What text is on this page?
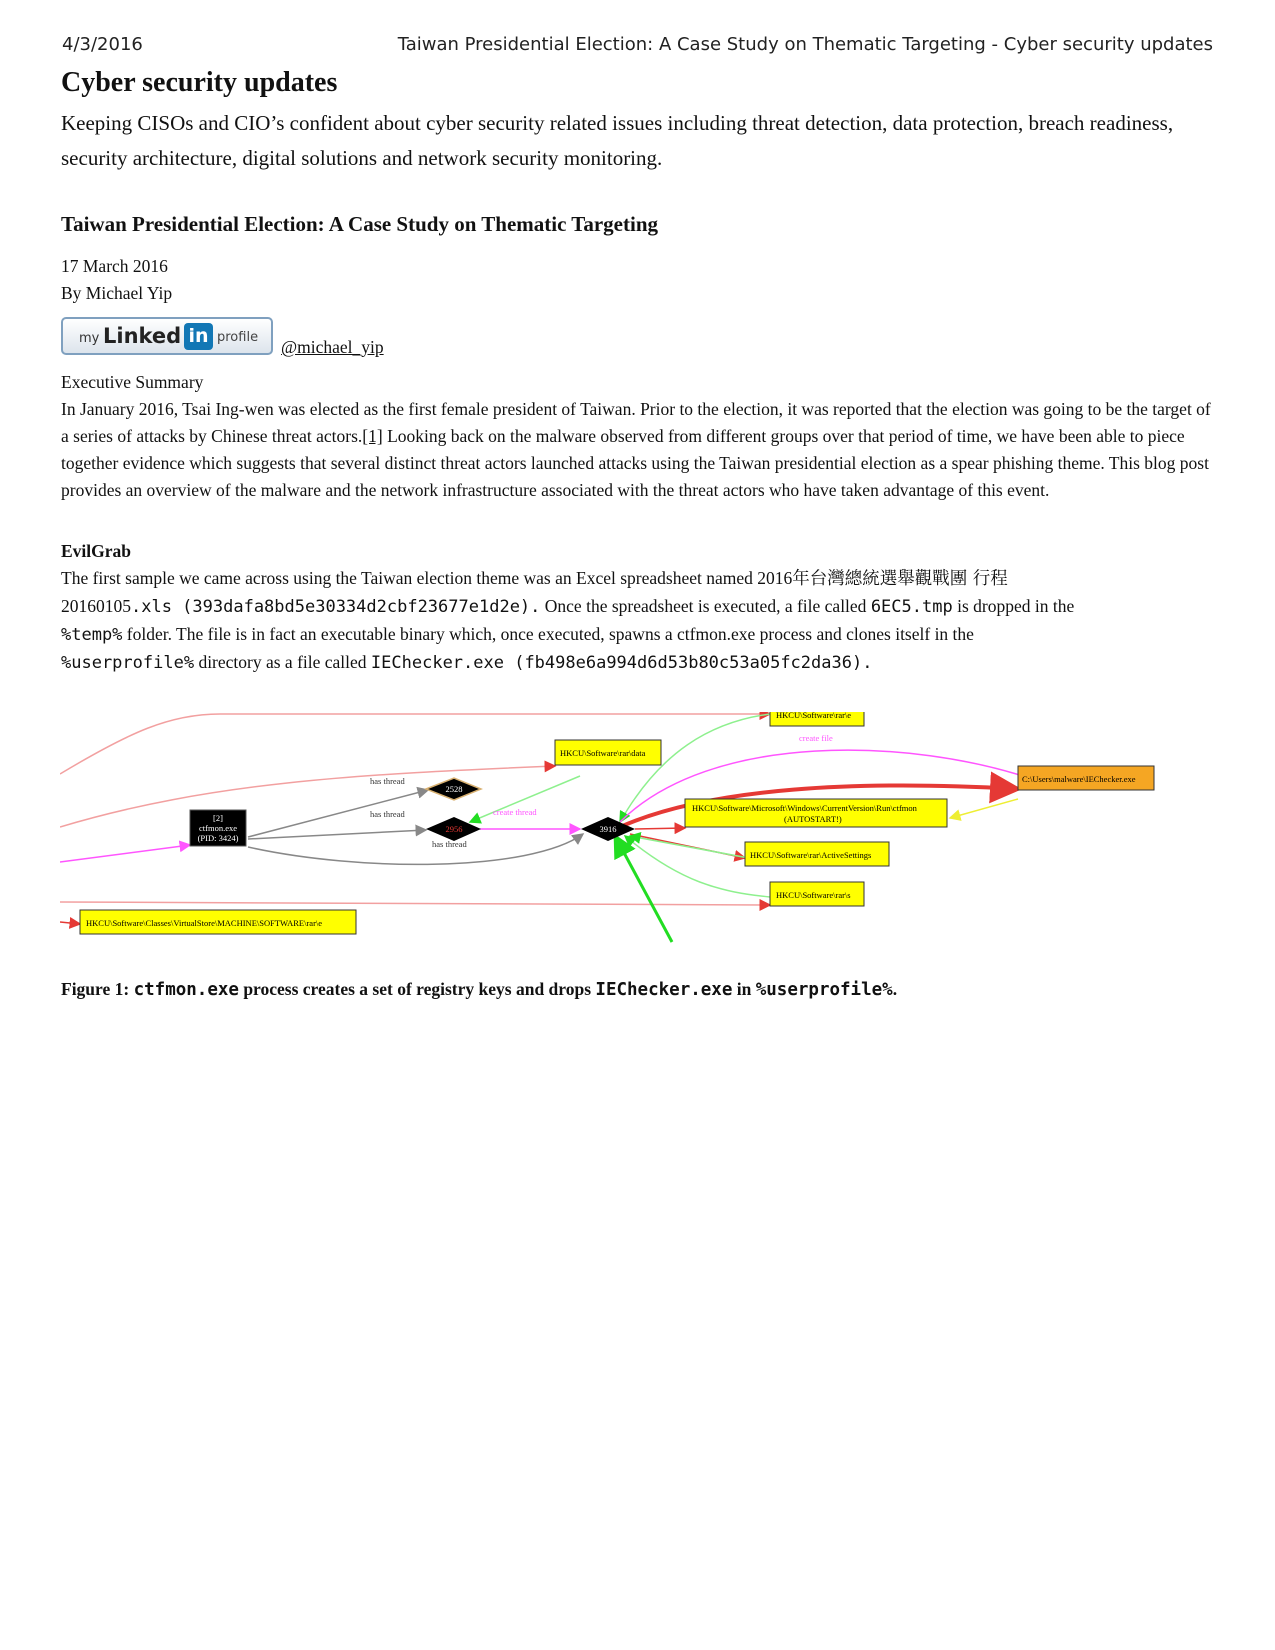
4/3/2016	Taiwan Presidential Election: A Case Study on Thematic Targeting - Cyber security updates
Cyber security updates

Keeping CISOs and CIO’s confident about cyber security related issues including threat detection, data protection, breach readiness, security architecture, digital solutions and network security monitoring.

Taiwan Presidential Election: A Case Study on Thematic Targeting
17 March 2016
By Michael Yip
my Linked in profile @michael_yip
Executive Summary

In January 2016, Tsai Ing-wen was elected as the first female president of Taiwan. Prior to the election, it was reported that the election was going to be the target of a series of attacks by Chinese threat actors.[1] Looking back on the malware observed from different groups over that period of time, we have been able to piece together evidence which suggests that several distinct threat actors launched attacks using the Taiwan presidential election as a spear phishing theme. This blog post provides an overview of the malware and the network infrastructure associated with the threat actors who have taken advantage of this event.

EvilGrab

The first sample we came across using the Taiwan election theme was an Excel spreadsheet named 2016年台灣總統選舉觀戰團 行程
20160105.xls (393dafa8bd5e30334d2cbf23677e1d2e). Once the spreadsheet is executed, a file called 6EC5.tmp is dropped in the
%temp% folder. The file is in fact an executable binary which, once executed, spawns a ctfmon.exe process and clones itself in the
%userprofile% directory as a file called IEChecker.exe (fb498e6a994d6d53b80c53a05fc2da36).

has thread
has thread
has thread
create thread
create file
HKCU\Software\rar\e
HKCU\Software\rar\data
C:\Users\malware\IEChecker.exe
HKCU\Software\Microsoft\Windows\CurrentVersion\Run\ctfmon
(AUTOSTART!)
HKCU\Software\rar\ActiveSettings
HKCU\Software\rar\s
HKCU\Software\Classes\VirtualStore\MACHINE\SOFTWARE\rar\e
[2]
ctfmon.exe
(PID: 3424)
2528
2956	3916
Figure 1: ctfmon.exe process creates a set of registry keys and drops IEChecker.exe in %userprofile%.
